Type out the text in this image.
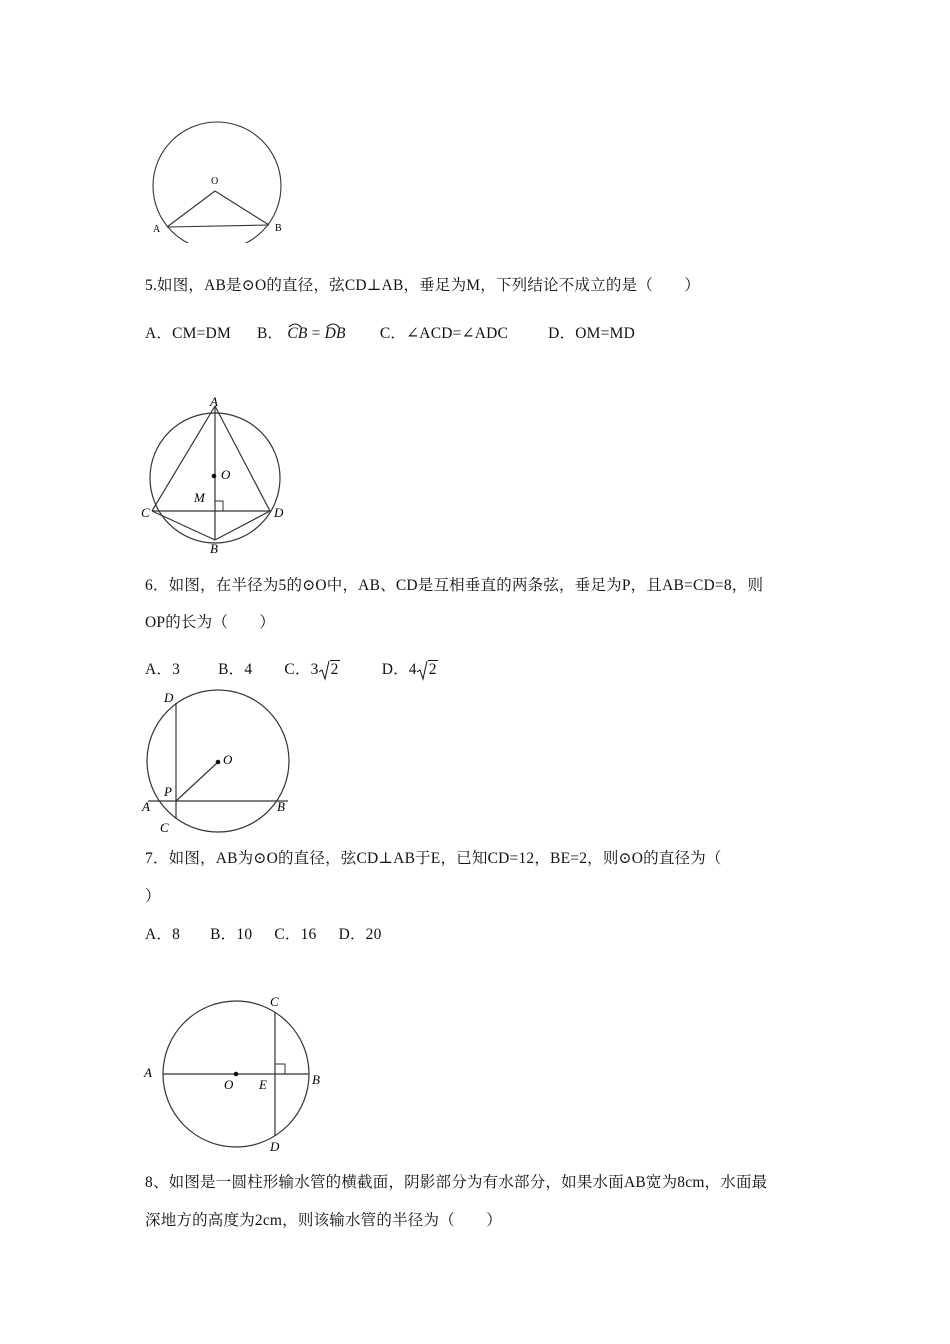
O
A	B
5.如图，AB是⊙O的直径，弦CD⊥AB，垂足为M，下列结论不成立的是（　　）
A．CM=DM B． CB =
DB C．∠ACD=∠ADC	D．OM=MD
A
O
M
C	D
B
6．如图，在半径为5的⊙O中，AB、CD是互相垂直的两条弦，垂足为P，且AB=CD=8，则
OP的长为（　　）
A．3 B．4 C．3 2	D．4 2
D
O
A
P
B
C
7．如图，AB为⊙O的直径，弦CD⊥AB于E，已知CD=12，BE=2，则⊙O的直径为（
）
A．8 B．10 C．16 D．20
C
A
O E	B
D
8、如图是一圆柱形输水管的横截面，阴影部分为有水部分，如果水面AB宽为8cm，水面最
深地方的高度为2cm，则该输水管的半径为（　　）
